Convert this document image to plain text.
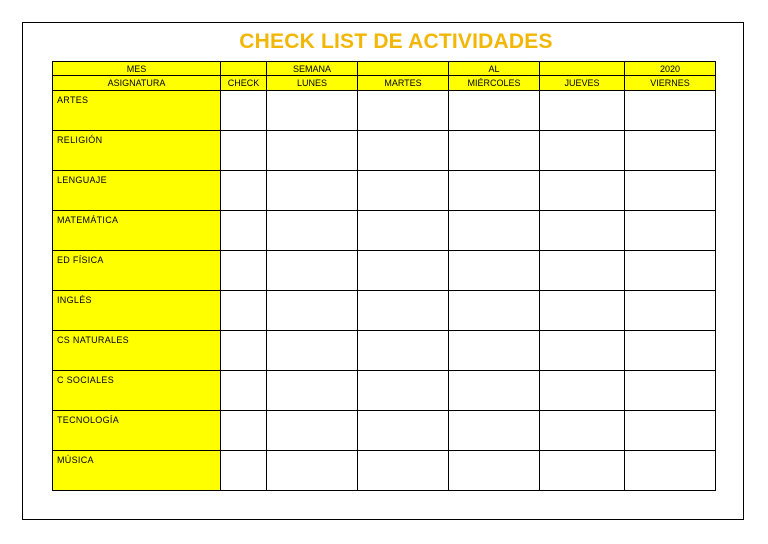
CHECK LIST DE ACTIVIDADES
MES		SEMANA		AL		2020
ASIGNATURA	CHECK	LUNES	MARTES	MIÉRCOLES	JUEVES	VIERNES
ARTES						
RELIGIÓN						
LENGUAJE						
MATEMÁTICA						
ED FÍSICA						
INGLÉS						
CS NATURALES						
C SOCIALES						
TECNOLOGÍA						
MÚSICA						
